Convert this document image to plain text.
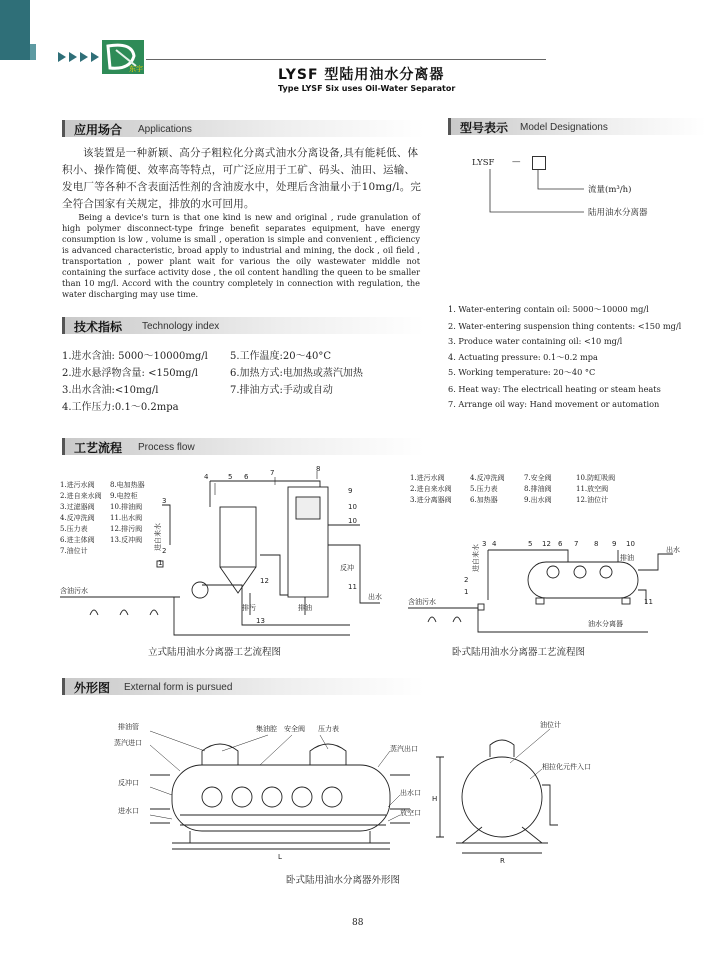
东宇	LYSF 型陆用油水分离器
Type LYSF Six uses Oil-Water Separator
应用场合 Applications
该装置是一种新颖、高分子粗粒化分离式油水分离设备,具有能耗低、体积小、操作简便、效率高等特点，可广泛应用于工矿、码头、油田、运输、发电厂等各种不含表面活性剂的含油废水中，处理后含油量小于10mg/l。完全符合国家有关规定，排放的水可回用。
Being a device's turn is that one kind is new and original , rude granulation of high polymer disconnect-type fringe benefit separates equipment, have energy consumption is low , volume is small , operation is simple and convenient , efficiency is advanced characteristic, broad apply to industrial and mining, the dock , oil field , transportation , power plant wait for various the oily wastewater middle not containing the surface activity dose , the oil content handling the queen to be smaller than 10 mg/l. Accord with the country completely in connection with regulation, the water discharging may use time.
型号表示 Model Designations
LYSF —
流量(m³/h)
陆用油水分离器
1. Water-entering contain oil: 5000～10000 mg/l
2. Water-entering suspension thing contents: <150 mg/l
3. Produce water containing oil: <10 mg/l
4. Actuating pressure: 0.1～0.2 mpa
5. Working temperature: 20～40 °C
6. Heat way: The electricall heating or steam heats
7. Arrange oil way: Hand movement or automation
技术指标 Technology index
1.进水含油: 5000～10000mg/l
2.进水悬浮物含量: <150mg/l
3.出水含油:<10mg/l
4.工作压力:0.1～0.2mpa
5.工作温度:20～40°C
6.加热方式:电加热或蒸汽加热
7.排油方式:手动或自动
工艺流程 Process flow
1.进污水阀
2.进自来水阀
3.过滤器阀
4.反冲洗阀
5.压力表
6.进主体阀
7.油位计
8.电加热器
9.电控柜
10.排油阀
11.出水阀
12.排污阀
13.反冲阀
含油污水
出水
排污	排油
进自来水
反冲
1
2
3
4	5 6	7	8
9
10
10
11
12
13
1.进污水阀
2.进自来水阀
3.进分离器阀
4.反冲洗阀
5.压力表
6.加热器
7.安全阀
8.排油阀
9.出水阀
10.防虹吸阀
11.放空阀
12.油位计
含油污水
出水
排油
油水分离器
进自来水
1
2
3 4	5	6 7 8 9 10
11
12
立式陆用油水分离器工艺流程图	卧式陆用油水分离器工艺流程图
外形图 External form is pursued
排油管
蒸汽进口
反冲口
进水口
集油腔 安全阀 压力表
蒸汽出口
出水口
放空口
油位计
相拉化元件入口
L
H
R
卧式陆用油水分离器外形图
88
